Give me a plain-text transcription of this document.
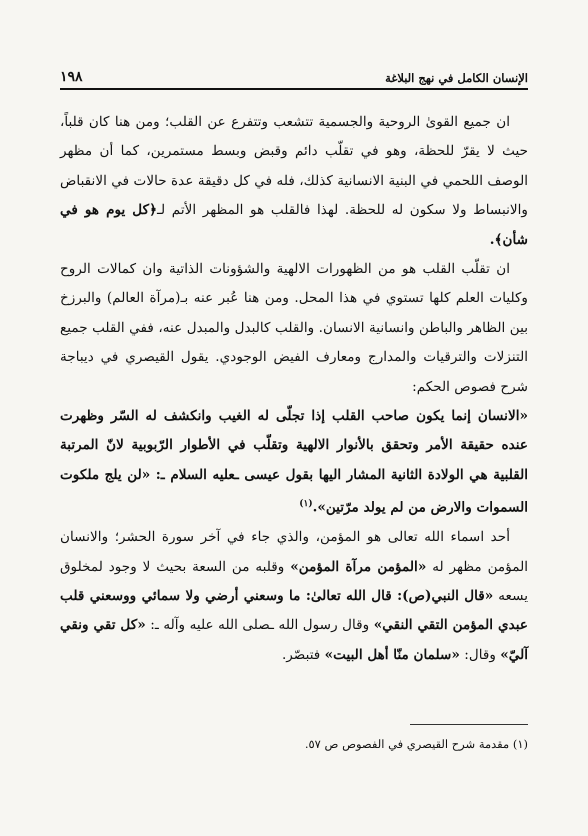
١٩٨	الإنسان الكامل في نهج البلاغة

ان جميع القوىٰ الروحية والجسمية تتشعب وتتفرع عن القلب؛ ومن هنا كان قلباً، حيث لا يقرّ للحظة، وهو في تقلّب دائم وقبض وبسط مستمرين، كما أن مظهر الوصف اللحمي في البنية الانسانية كذلك، فله في كل دقيقة عدة حالات في الانقباض والانبساط ولا سكون له للحظة. لهذا فالقلب هو المظهر الأتم لـ﴿كل يوم هو في شأن﴾.

ان تقلّب القلب هو من الظهورات الالهية والشؤونات الذاتية وان كمالات الروح وكليات العلم كلها تستوي في هذا المحل. ومن هنا عُبر عنه بـ(مرآة العالم) والبرزخ بين الظاهر والباطن وانسانية الانسان. والقلب كالبدل والمبدل عنه، ففي القلب جميع التنزلات والترقيات والمدارج ومعارف الفيض الوجودي. يقول القيصري في ديباجة شرح فصوص الحكم:

«الانسان إنما يكون صاحب القلب إذا تجلّى له الغيب وانكشف له السّر وظهرت عنده حقيقة الأمر وتحقق بالأنوار الالهية وتقلّب في الأطوار الرّبوبية لانّ المرتبة القلبية هي الولادة الثانية المشار اليها بقول عيسى ـعليه السلام ـ: «لن يلج ملكوت السموات والارض من لم يولد مرّتين».$^{(١)}$

أحد اسماء الله تعالى هو المؤمن، والذي جاء في آخر سورة الحشر؛ والانسان المؤمن مظهر له «المؤمن مرآة المؤمن» وقلبه من السعة بحيث لا وجود لمخلوق يسعه «قال النبي(ص): قال الله تعالىٰ: ما وسعني أرضي ولا سمائي ووسعني قلب عبدي المؤمن التقي النقي» وقال رسول الله ـصلى الله عليه وآله ـ: «كل تقي ونقي آليّ» وقال: «سلمان منّا أهل البيت» فتبصّر.

(١) مقدمة شرح القيصري في الفصوص ص ٥٧.
